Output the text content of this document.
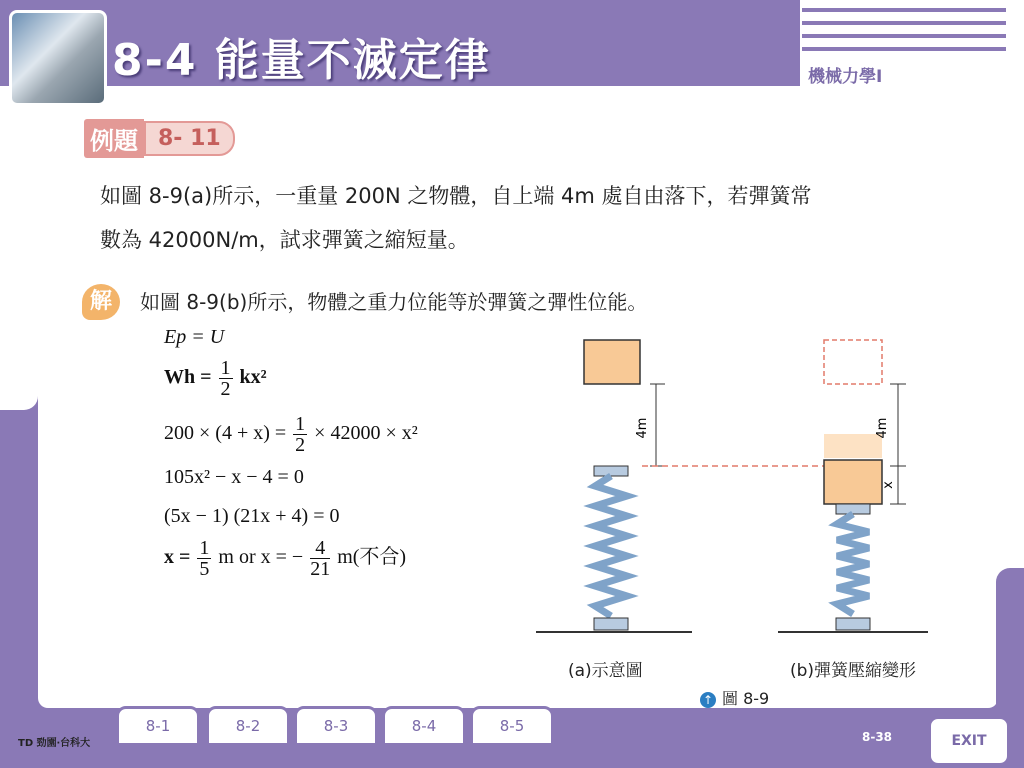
8-4 能量不滅定律	機械力學I
例題 8- 11
如圖 8-9(a)所示，一重量 200N 之物體，自上端 4m 處自由落下，若彈簧常
數為 42000N/m，試求彈簧之縮短量。
解	如圖 8-9(b)所示，物體之重力位能等於彈簧之彈性位能。
Ep = U
$Wh = \frac{1}{2} kx^2$
$200 \times (4 + x) = \frac{1}{2} \times 42000 \times x^2$
105x² − x − 4 = 0
(5x − 1) (21x + 4) = 0
$x = \frac{1}{5}$ m or x = − $\frac{4}{21} m$(不合)
4m	4m
x
(a)示意圖	(b)彈簧壓縮變形
↑ 圖 8-9
8-1	8-2	8-3	8-4	8-5
TD 勁園‧台科大	8-38	EXIT
